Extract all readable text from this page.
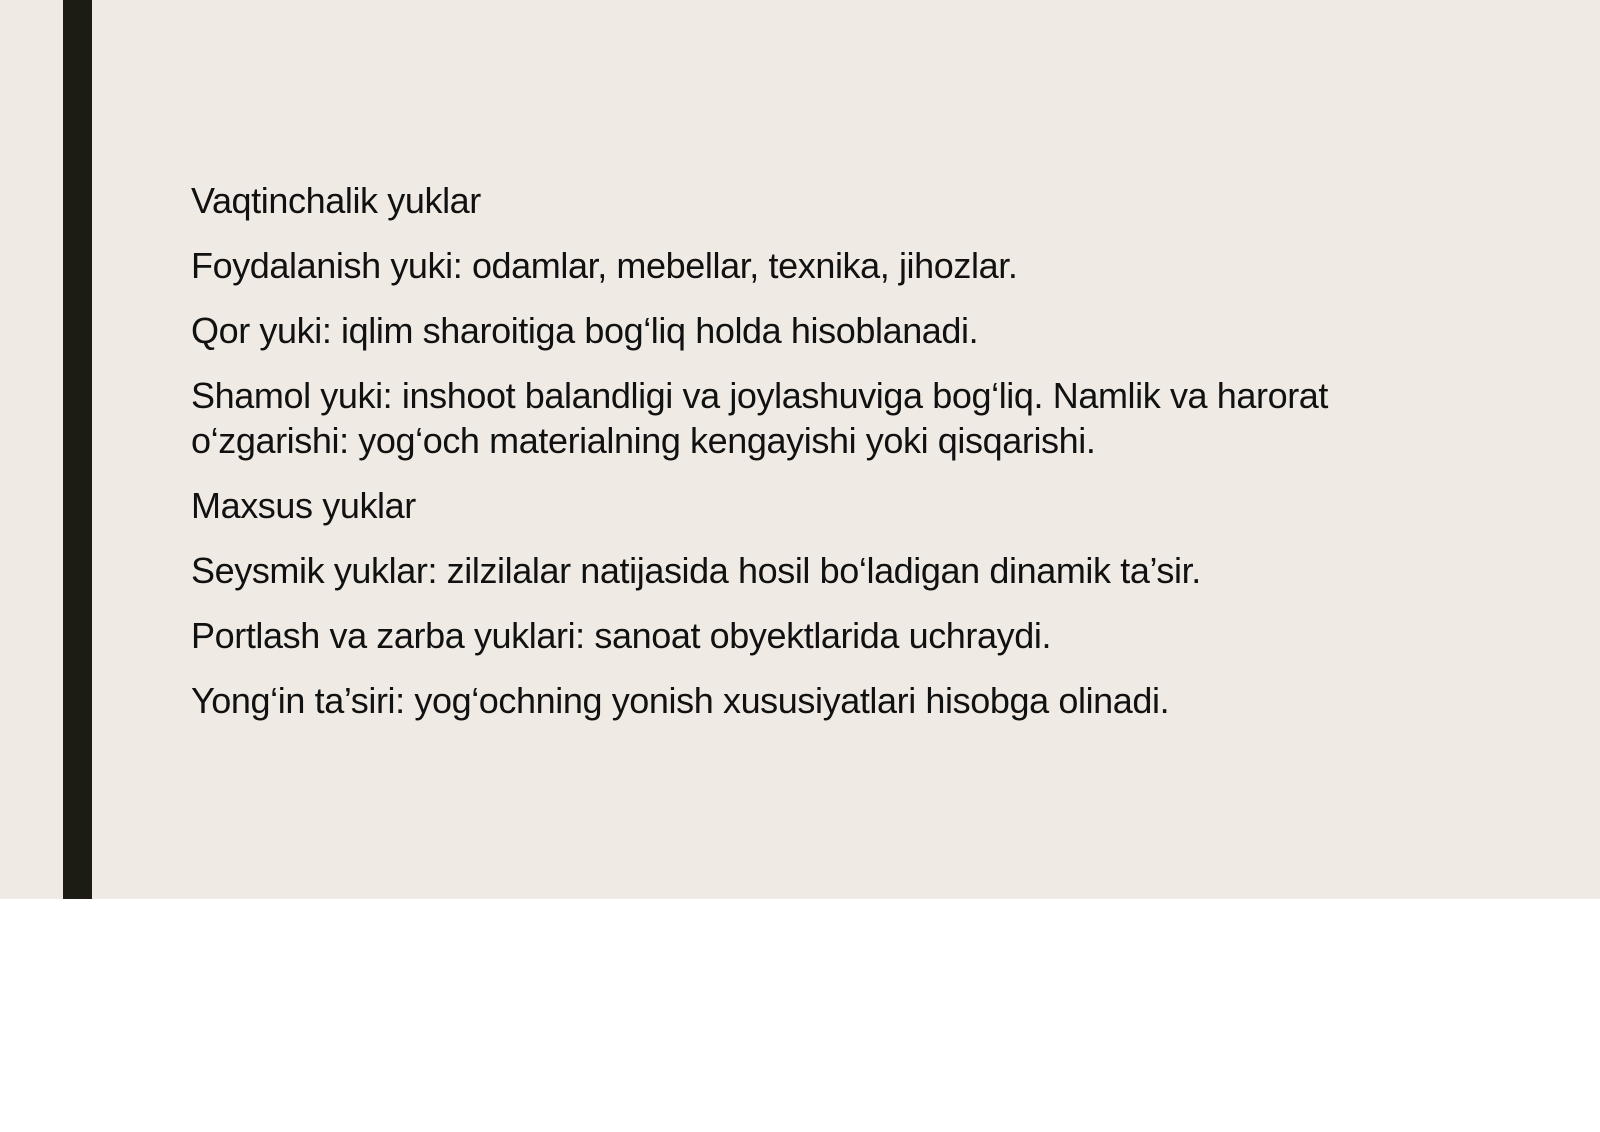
Vaqtinchalik yuklar

Foydalanish yuki: odamlar, mebellar, texnika, jihozlar.

Qor yuki: iqlim sharoitiga bog‘liq holda hisoblanadi.

Shamol yuki: inshoot balandligi va joylashuviga bog‘liq. Namlik va harorat o‘zgarishi: yog‘och materialning kengayishi yoki qisqarishi.

Maxsus yuklar

Seysmik yuklar: zilzilalar natijasida hosil bo‘ladigan dinamik ta’sir.

Portlash va zarba yuklari: sanoat obyektlarida uchraydi.

Yong‘in ta’siri: yog‘ochning yonish xususiyatlari hisobga olinadi.
